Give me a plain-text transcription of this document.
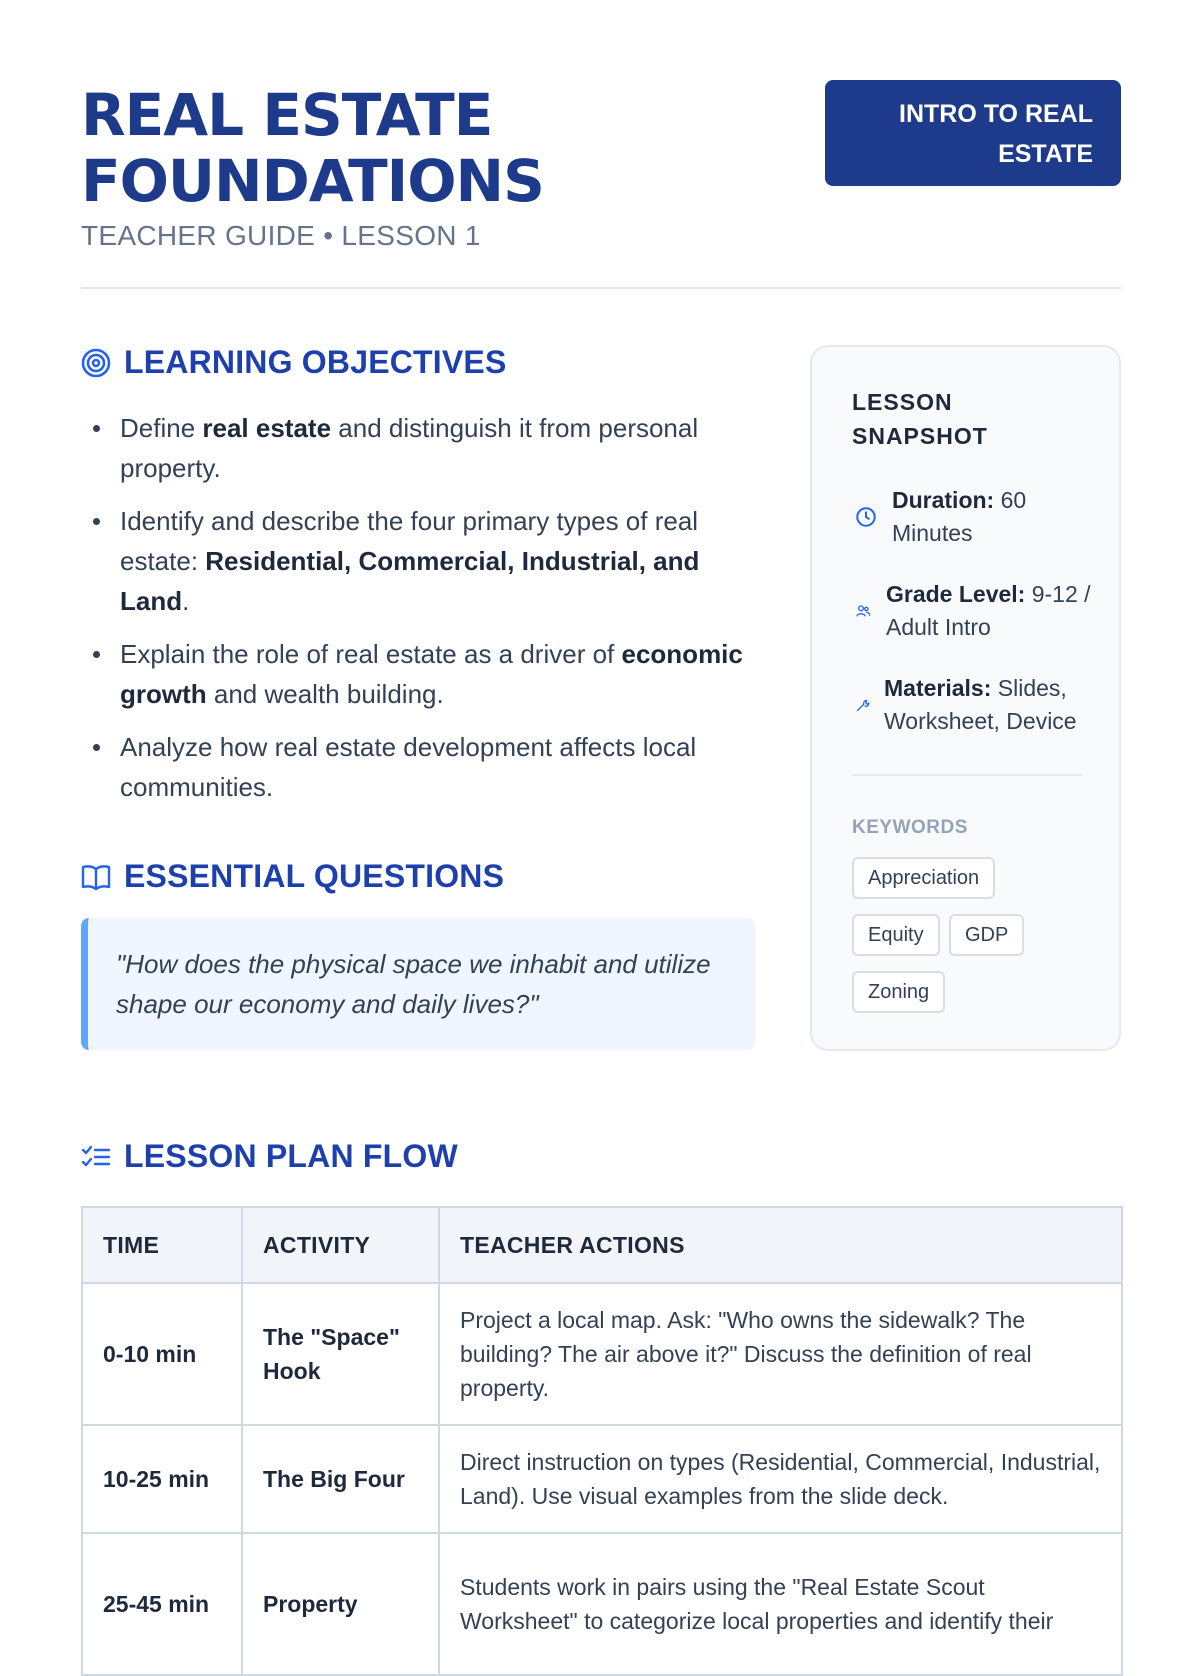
REAL ESTATE
FOUNDATIONS
TEACHER GUIDE • LESSON 1
INTRO TO REAL
ESTATE
LEARNING OBJECTIVES
Define real estate and distinguish it from personal property.
Identify and describe the four primary types of real estate: Residential, Commercial, Industrial, and Land.
Explain the role of real estate as a driver of economic growth and wealth building.
Analyze how real estate development affects local communities.
ESSENTIAL QUESTIONS
"How does the physical space we inhabit and utilize shape our economy and daily lives?"
LESSON SNAPSHOT
Duration: 60 Minutes
Grade Level: 9-12 / Adult Intro
Materials: Slides, Worksheet, Device
KEYWORDS
Appreciation
Equity	GDP
Zoning
LESSON PLAN FLOW
TIME	ACTIVITY	TEACHER ACTIONS
0-10 min	The "Space" Hook	Project a local map. Ask: "Who owns the sidewalk? The building? The air above it?" Discuss the definition of real property.
10-25 min	The Big Four	Direct instruction on types (Residential, Commercial, Industrial, Land). Use visual examples from the slide deck.
25-45 min	Property	Students work in pairs using the "Real Estate Scout Worksheet" to categorize local properties and identify their
